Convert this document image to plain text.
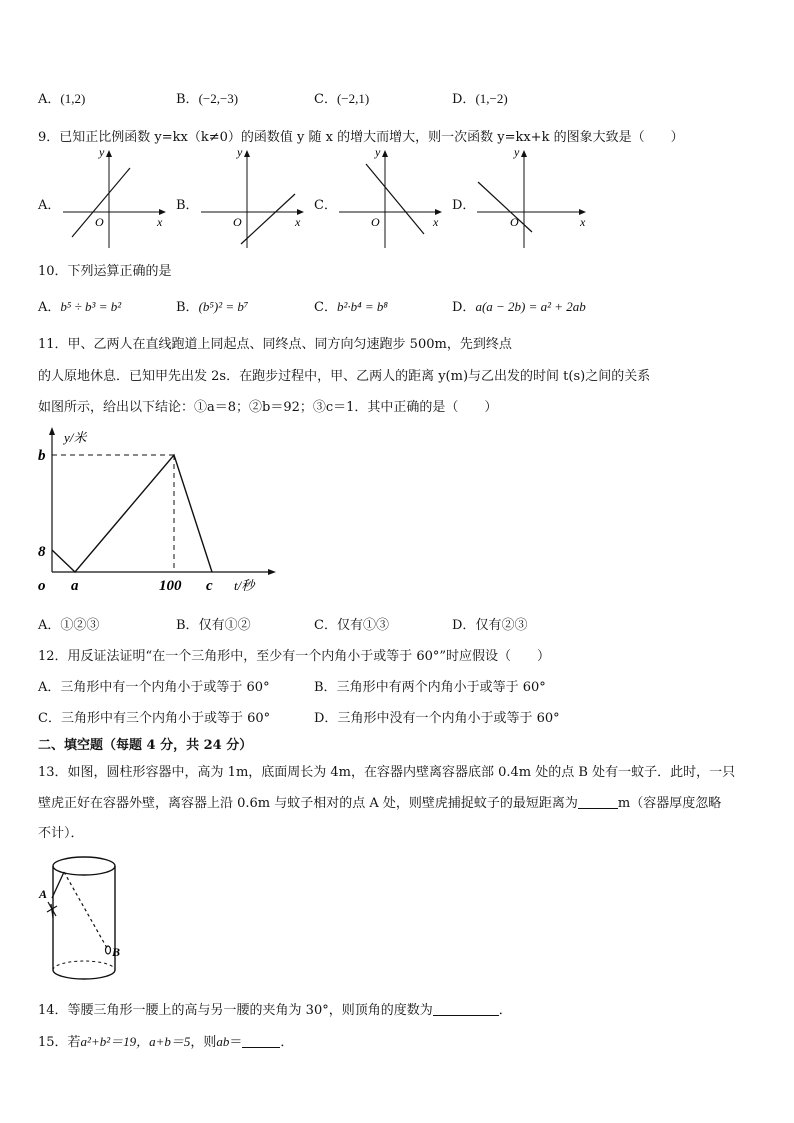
A．(1,2)	B．(−2,−3)	C．(−2,1)	D．(1,−2)
9．已知正比例函数 y=kx（k≠0）的函数值 y 随 x 的增大而增大，则一次函数 y=kx+k 的图象大致是（　　）
A．
y
x
O
B．
y
x
O
C．
y
x
O
D．
y
x
O
10．下列运算正确的是
A．b⁵ ÷ b³ = b²	B．(b⁵)² = b⁷	C．b²·b⁴ = b⁸	D．a(a − 2b) = a² + 2ab
11．甲、乙两人在直线跑道上同起点、同终点、同方向匀速跑步 500m，先到终点
的人原地休息．已知甲先出发 2s．在跑步过程中，甲、乙两人的距离 y(m)与乙出发的时间 t(s)之间的关系
如图所示，给出以下结论：①a＝8；②b＝92；③c＝1．其中正确的是（　　）
y/米
t/秒
b
8
o a	100 c
A．①②③	B．仅有①②	C．仅有①③	D．仅有②③
12．用反证法证明“在一个三角形中，至少有一个内角小于或等于 60°”时应假设（　　）
A．三角形中有一个内角小于或等于 60°	B．三角形中有两个内角小于或等于 60°
C．三角形中有三个内角小于或等于 60°	D．三角形中没有一个内角小于或等于 60°
二、填空题（每题 4 分，共 24 分）
13．如图，圆柱形容器中，高为 1m，底面周长为 4m，在容器内壁离容器底部 0.4m 处的点 B 处有一蚊子．此时，一只
壁虎正好在容器外壁，离容器上沿 0.6m 与蚊子相对的点 A 处，则壁虎捕捉蚊子的最短距离为	m（容器厚度忽略
不计）．
A
B
14．等腰三角形一腰上的高与另一腰的夹角为 30°，则顶角的度数为	．
15．若a²+b²＝19，a+b＝5，则ab＝	．
